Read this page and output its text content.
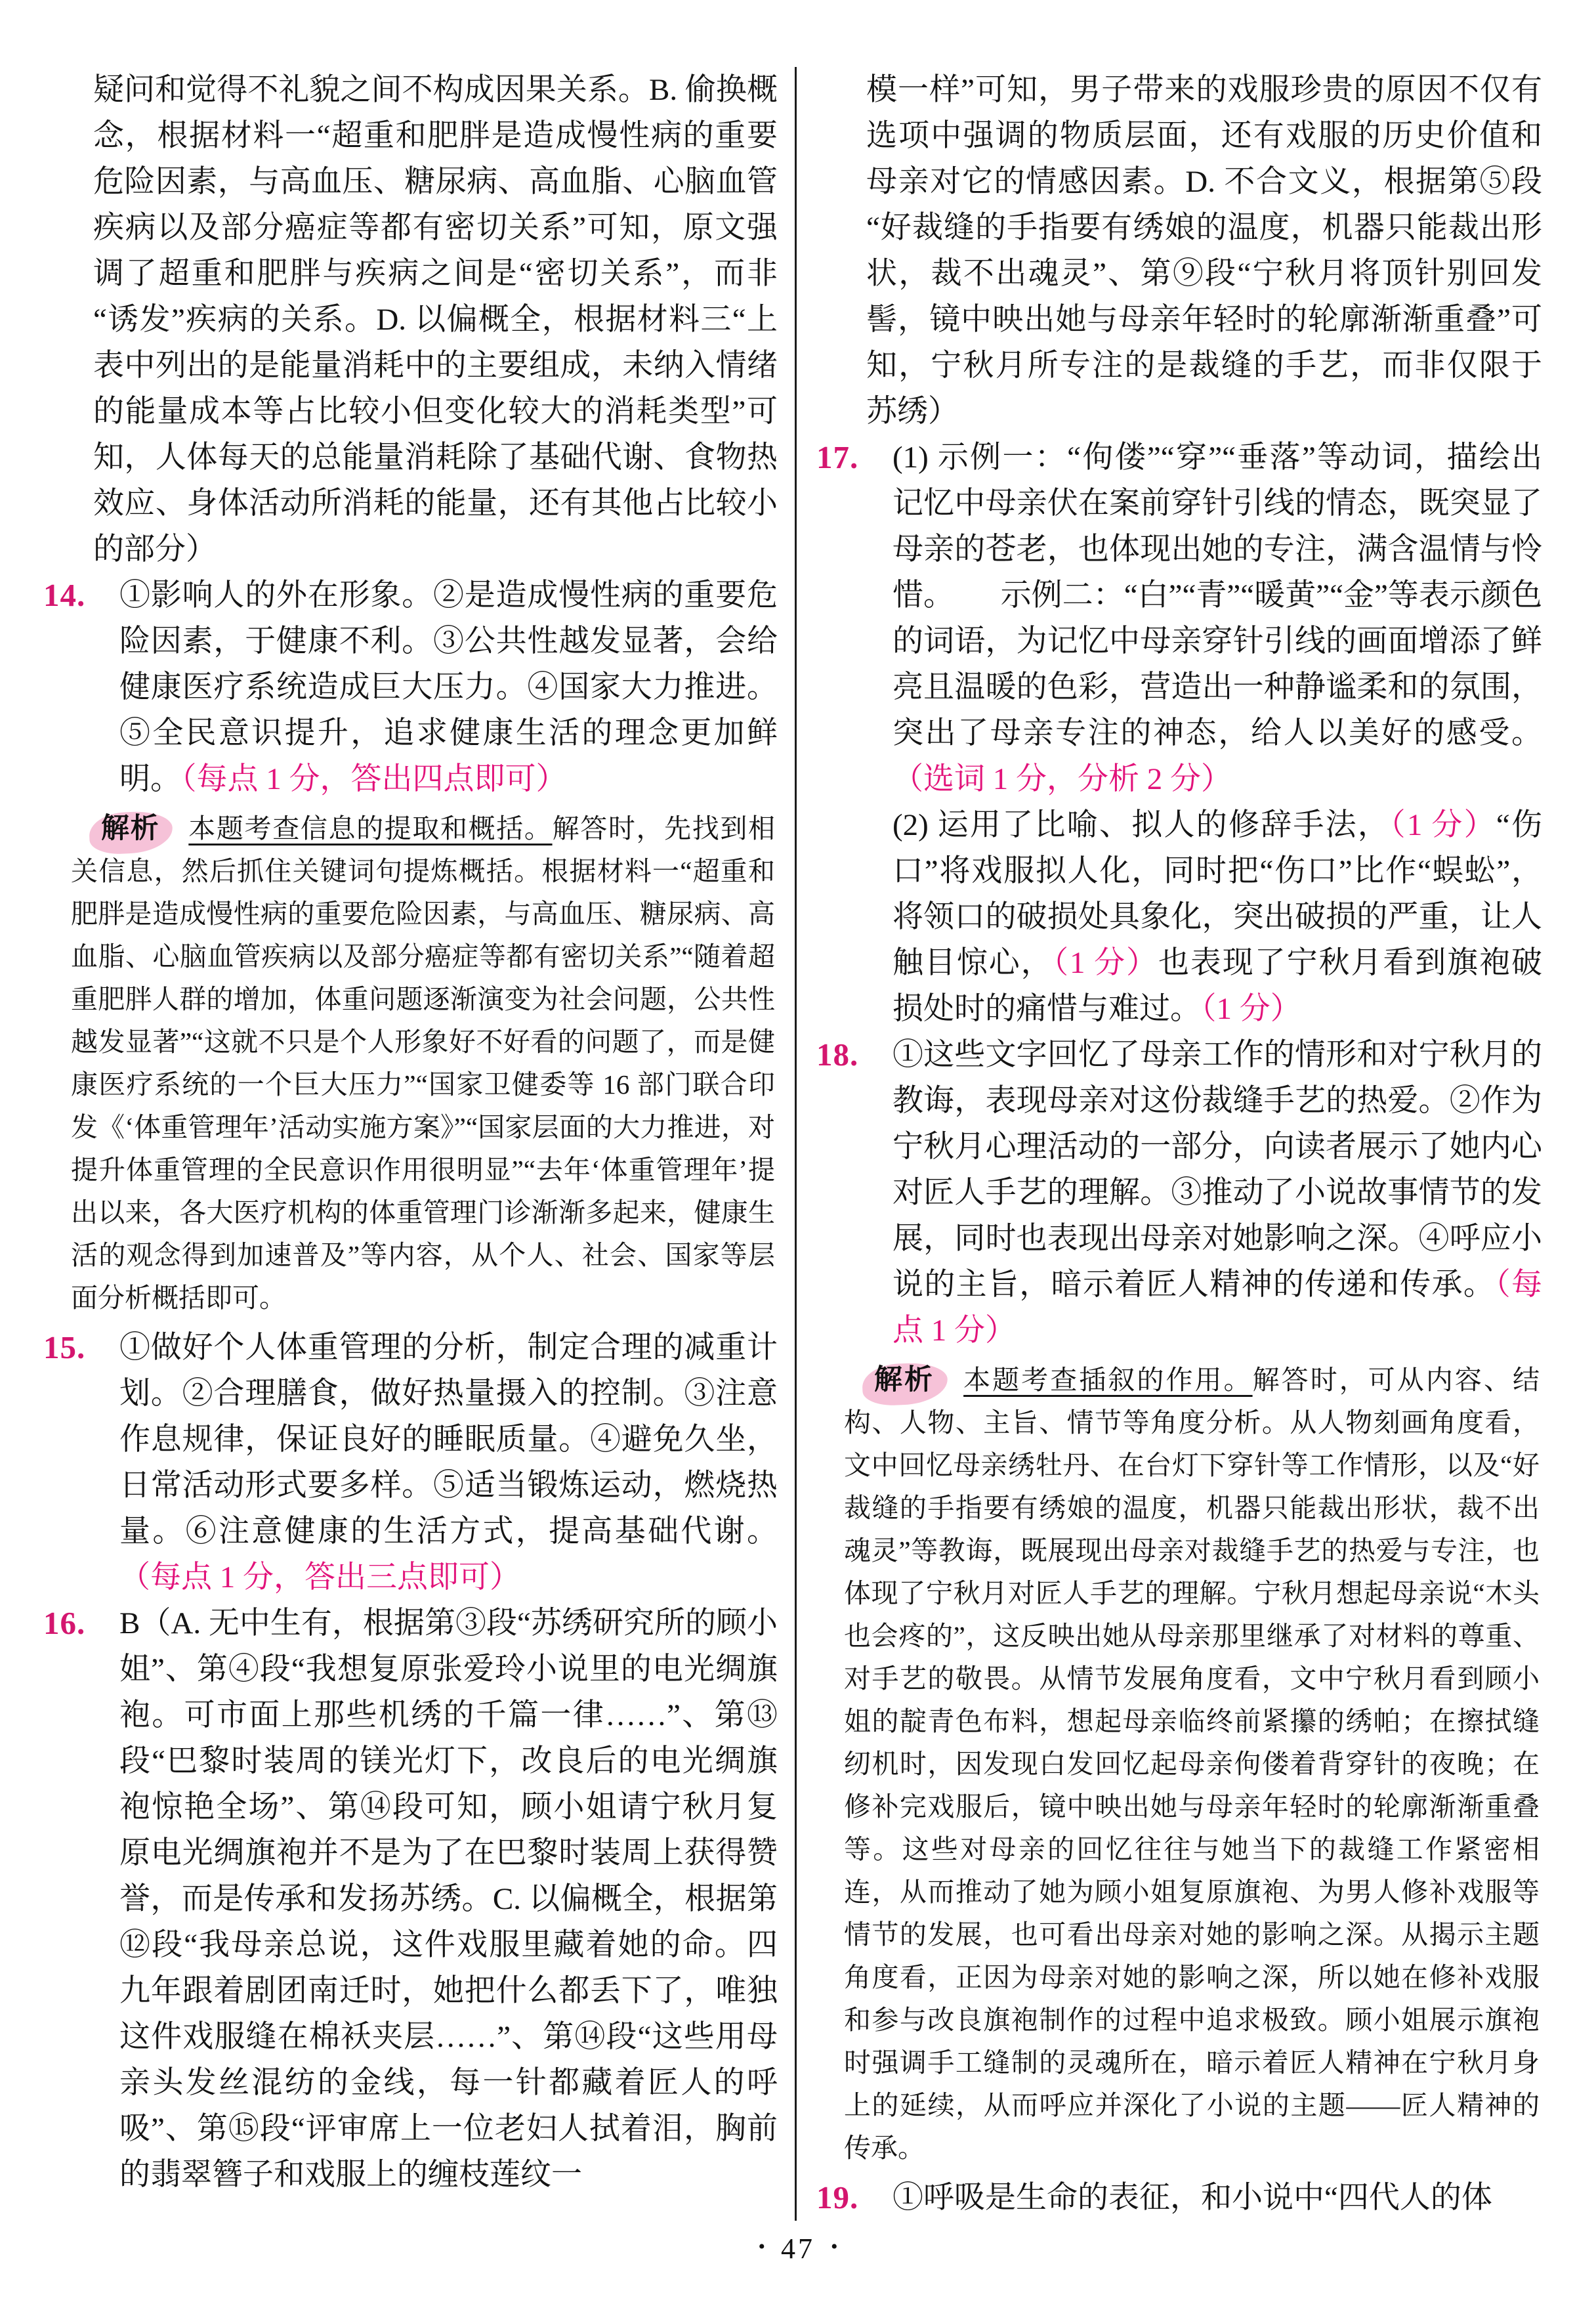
疑问和觉得不礼貌之间不构成因果关系。B. 偷换概念，根据材料一“超重和肥胖是造成慢性病的重要危险因素，与高血压、糖尿病、高血脂、心脑血管疾病以及部分癌症等都有密切关系”可知，原文强调了超重和肥胖与疾病之间是“密切关系”，而非“诱发”疾病的关系。D. 以偏概全，根据材料三“上表中列出的是能量消耗中的主要组成，未纳入情绪的能量成本等占比较小但变化较大的消耗类型”可知，人体每天的总能量消耗除了基础代谢、食物热效应、身体活动所消耗的能量，还有其他占比较小的部分）
14.	①影响人的外在形象。②是造成慢性病的重要危险因素，于健康不利。③公共性越发显著，会给健康医疗系统造成巨大压力。④国家大力推进。⑤全民意识提升，追求健康生活的理念更加鲜明。（每点 1 分，答出四点即可）
解析 本题考查信息的提取和概括。解答时，先找到相关信息，然后抓住关键词句提炼概括。根据材料一“超重和肥胖是造成慢性病的重要危险因素，与高血压、糖尿病、高血脂、心脑血管疾病以及部分癌症等都有密切关系”“随着超重肥胖人群的增加，体重问题逐渐演变为社会问题，公共性越发显著”“这就不只是个人形象好不好看的问题了，而是健康医疗系统的一个巨大压力”“国家卫健委等 16 部门联合印发《‘体重管理年’活动实施方案》”“国家层面的大力推进，对提升体重管理的全民意识作用很明显”“去年‘体重管理年’提出以来，各大医疗机构的体重管理门诊渐渐多起来，健康生活的观念得到加速普及”等内容，从个人、社会、国家等层面分析概括即可。
15.	①做好个人体重管理的分析，制定合理的减重计划。②合理膳食，做好热量摄入的控制。③注意作息规律，保证良好的睡眠质量。④避免久坐，日常活动形式要多样。⑤适当锻炼运动，燃烧热量。⑥注意健康的生活方式，提高基础代谢。（每点 1 分，答出三点即可）
16.	B（A. 无中生有，根据第③段“苏绣研究所的顾小姐”、第④段“我想复原张爱玲小说里的电光绸旗袍。可市面上那些机绣的千篇一律……”、第⑬段“巴黎时装周的镁光灯下，改良后的电光绸旗袍惊艳全场”、第⑭段可知，顾小姐请宁秋月复原电光绸旗袍并不是为了在巴黎时装周上获得赞誉，而是传承和发扬苏绣。C. 以偏概全，根据第⑫段“我母亲总说，这件戏服里藏着她的命。四九年跟着剧团南迁时，她把什么都丢下了，唯独这件戏服缝在棉袄夹层……”、第⑭段“这些用母亲头发丝混纺的金线，每一针都藏着匠人的呼吸”、第⑮段“评审席上一位老妇人拭着泪，胸前的翡翠簪子和戏服上的缠枝莲纹一
模一样”可知，男子带来的戏服珍贵的原因不仅有选项中强调的物质层面，还有戏服的历史价值和母亲对它的情感因素。D. 不合文义，根据第⑤段“好裁缝的手指要有绣娘的温度，机器只能裁出形状，裁不出魂灵”、第⑨段“宁秋月将顶针别回发髻，镜中映出她与母亲年轻时的轮廓渐渐重叠”可知，宁秋月所专注的是裁缝的手艺，而非仅限于苏绣）
17.	(1) 示例一：“佝偻”“穿”“垂落”等动词，描绘出记忆中母亲伏在案前穿针引线的情态，既突显了母亲的苍老，也体现出她的专注，满含温情与怜惜。　　示例二：“白”“青”“暖黄”“金”等表示颜色的词语，为记忆中母亲穿针引线的画面增添了鲜亮且温暖的色彩，营造出一种静谧柔和的氛围，突出了母亲专注的神态，给人以美好的感受。（选词 1 分，分析 2 分）
(2) 运用了比喻、拟人的修辞手法，（1 分）“伤口”将戏服拟人化，同时把“伤口”比作“蜈蚣”，将领口的破损处具象化，突出破损的严重，让人触目惊心，（1 分）也表现了宁秋月看到旗袍破损处时的痛惜与难过。（1 分）
18.	①这些文字回忆了母亲工作的情形和对宁秋月的教诲，表现母亲对这份裁缝手艺的热爱。②作为宁秋月心理活动的一部分，向读者展示了她内心对匠人手艺的理解。③推动了小说故事情节的发展，同时也表现出母亲对她影响之深。④呼应小说的主旨，暗示着匠人精神的传递和传承。（每点 1 分）
解析 本题考查插叙的作用。解答时，可从内容、结构、人物、主旨、情节等角度分析。从人物刻画角度看，文中回忆母亲绣牡丹、在台灯下穿针等工作情形，以及“好裁缝的手指要有绣娘的温度，机器只能裁出形状，裁不出魂灵”等教诲，既展现出母亲对裁缝手艺的热爱与专注，也体现了宁秋月对匠人手艺的理解。宁秋月想起母亲说“木头也会疼的”，这反映出她从母亲那里继承了对材料的尊重、对手艺的敬畏。从情节发展角度看，文中宁秋月看到顾小姐的靛青色布料，想起母亲临终前紧攥的绣帕；在擦拭缝纫机时，因发现白发回忆起母亲佝偻着背穿针的夜晚；在修补完戏服后，镜中映出她与母亲年轻时的轮廓渐渐重叠等。这些对母亲的回忆往往与她当下的裁缝工作紧密相连，从而推动了她为顾小姐复原旗袍、为男人修补戏服等情节的发展，也可看出母亲对她的影响之深。从揭示主题角度看，正因为母亲对她的影响之深，所以她在修补戏服和参与改良旗袍制作的过程中追求极致。顾小姐展示旗袍时强调手工缝制的灵魂所在，暗示着匠人精神在宁秋月身上的延续，从而呼应并深化了小说的主题——匠人精神的传承。
19.	①呼吸是生命的表征，和小说中“四代人的体
• 47 •
